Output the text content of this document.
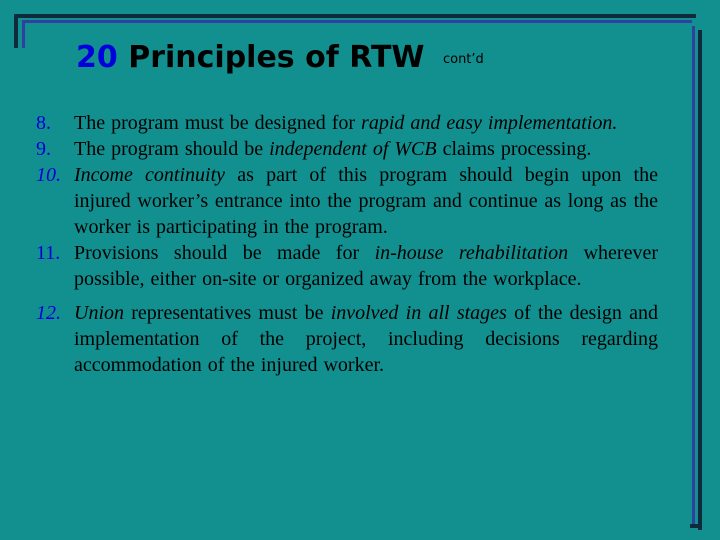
20 Principles of RTW cont’d
8.	The program must be designed for rapid and easy implementation.
9.	The program should be independent of WCB claims processing.
10. Income continuity as part of this program should begin upon the injured worker’s entrance into the program and continue as long as the worker is participating in the program.
11. Provisions should be made for in-house rehabilitation wherever possible, either on-site or organized away from the workplace.
12. Union representatives must be involved in all stages of the design and implementation of the project, including decisions regarding accommodation of the injured worker.
